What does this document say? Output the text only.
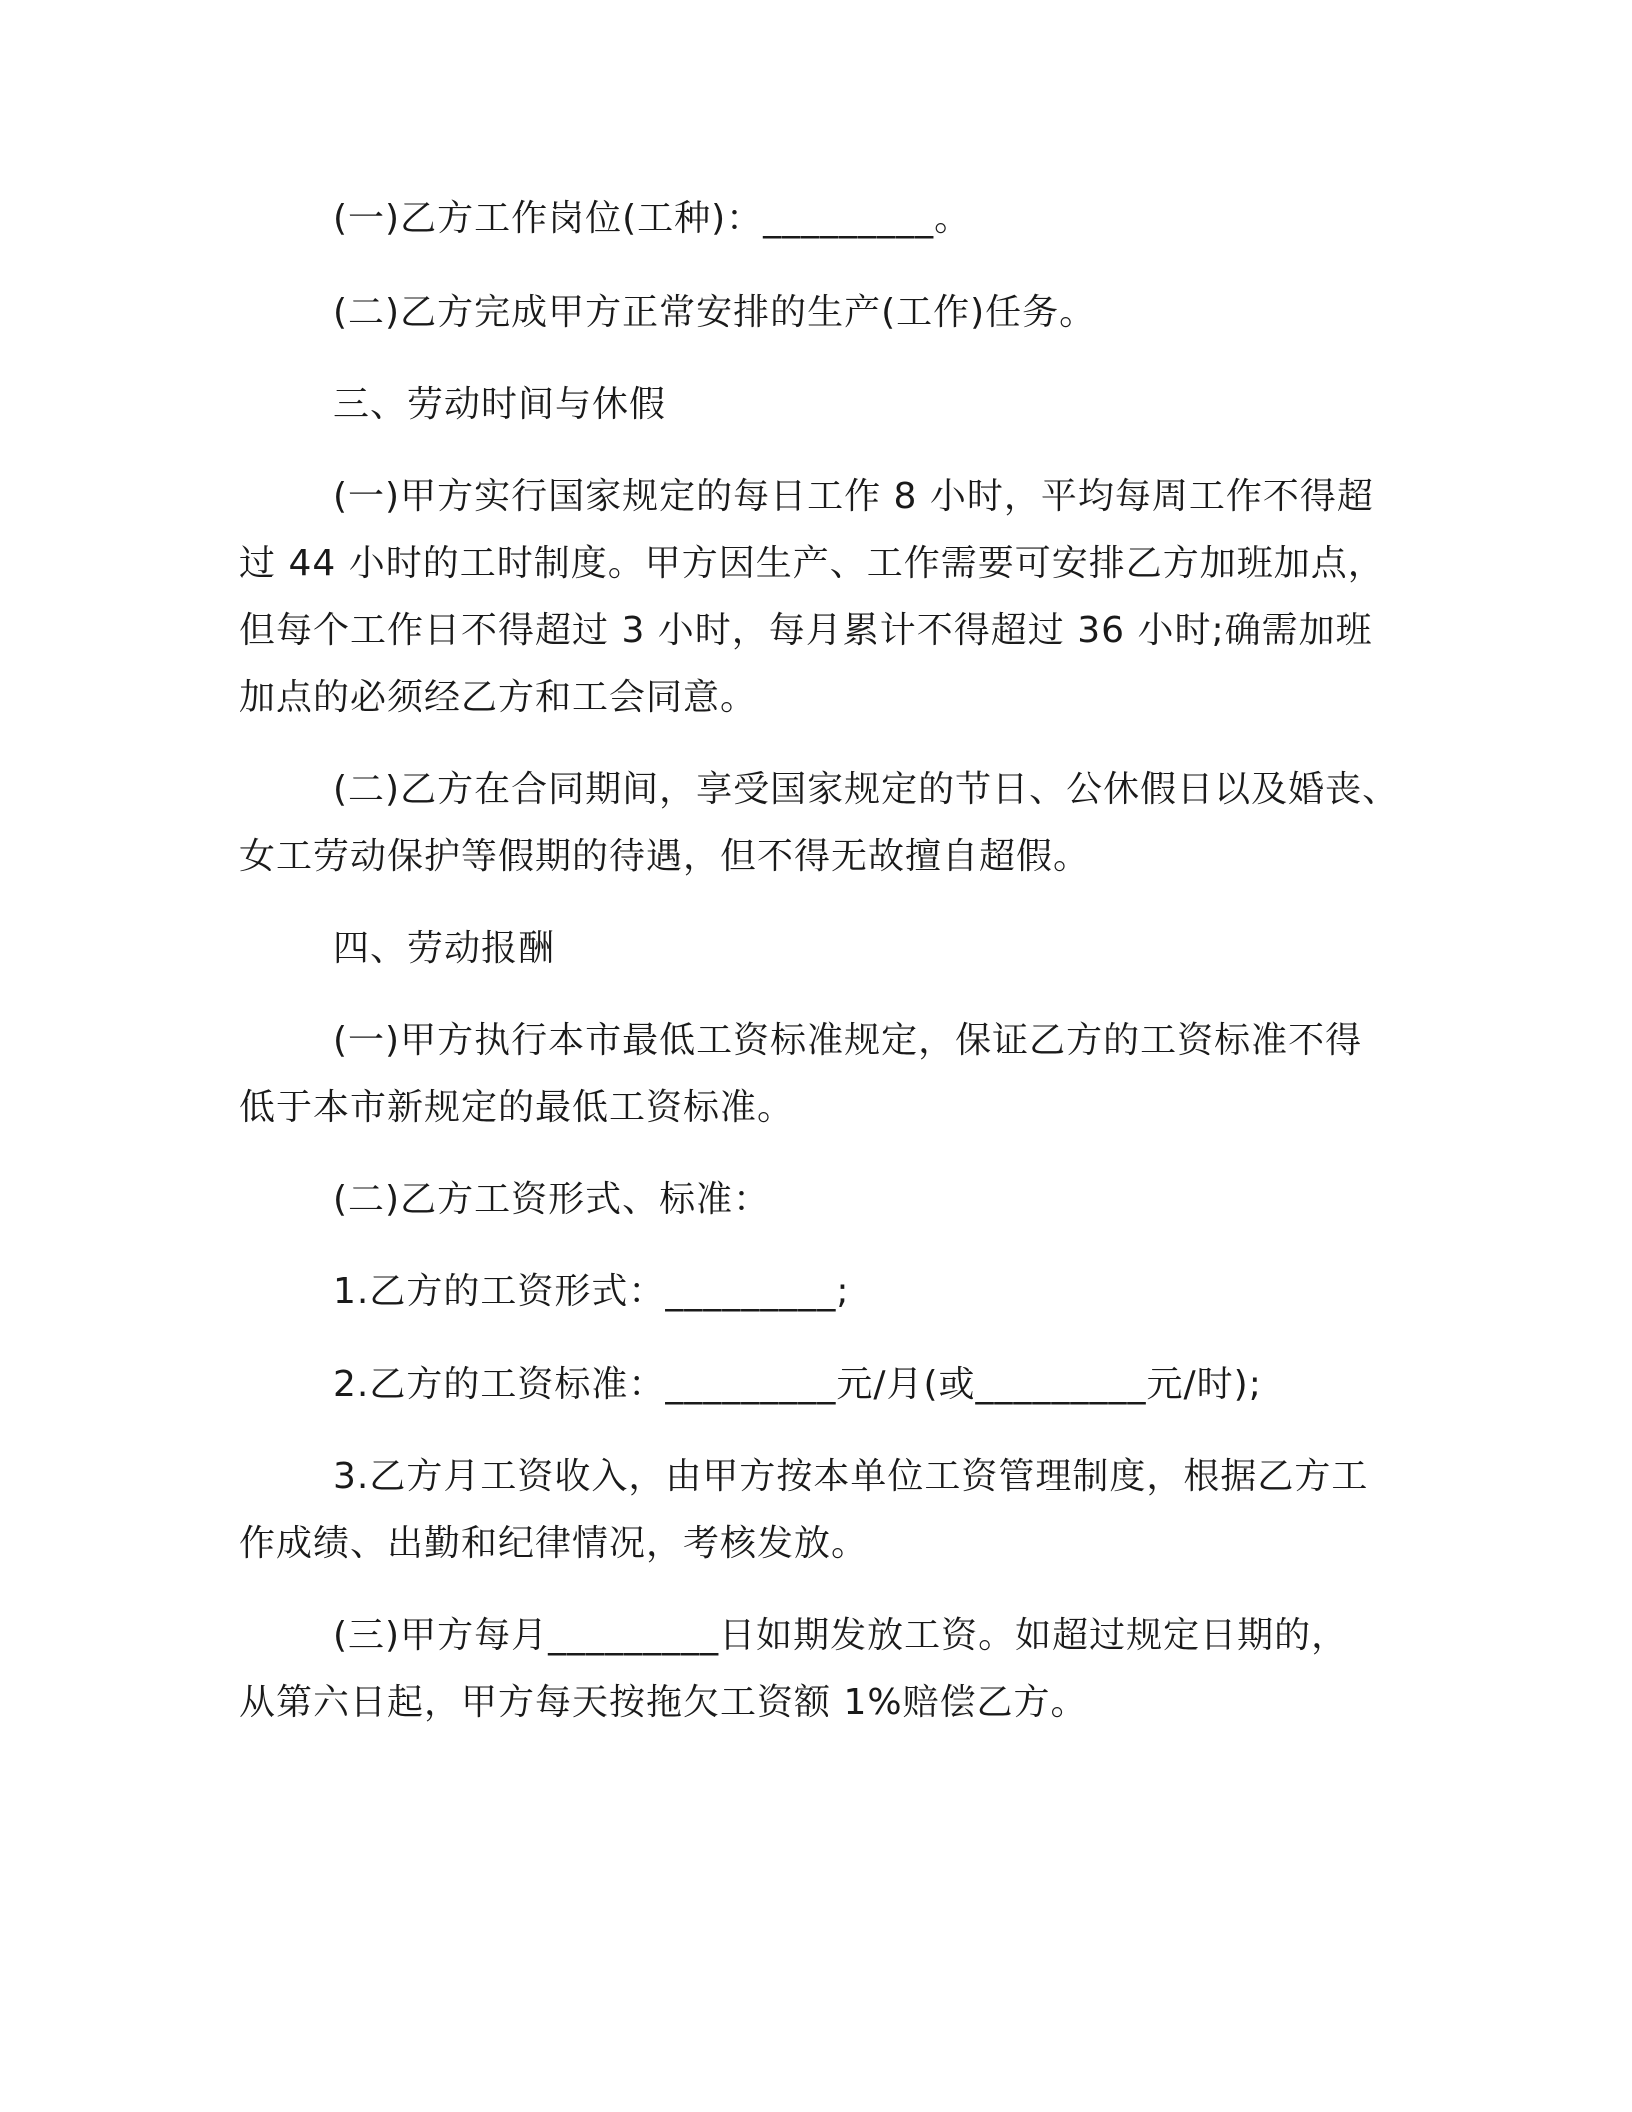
(一)乙方工作岗位(工种)：_________。
(二)乙方完成甲方正常安排的生产(工作)任务。
三、劳动时间与休假
(一)甲方实行国家规定的每日工作 8 小时，平均每周工作不得超
过 44 小时的工时制度。甲方因生产、工作需要可安排乙方加班加点，
但每个工作日不得超过 3 小时，每月累计不得超过 36 小时;确需加班
加点的必须经乙方和工会同意。
(二)乙方在合同期间，享受国家规定的节日、公休假日以及婚丧、
女工劳动保护等假期的待遇，但不得无故擅自超假。
四、劳动报酬
(一)甲方执行本市最低工资标准规定，保证乙方的工资标准不得
低于本市新规定的最低工资标准。
(二)乙方工资形式、标准：
1.乙方的工资形式：_________;
2.乙方的工资标准：_________元/月(或_________元/时);
3.乙方月工资收入，由甲方按本单位工资管理制度，根据乙方工
作成绩、出勤和纪律情况，考核发放。
(三)甲方每月_________日如期发放工资。如超过规定日期的，
从第六日起，甲方每天按拖欠工资额 1%赔偿乙方。
